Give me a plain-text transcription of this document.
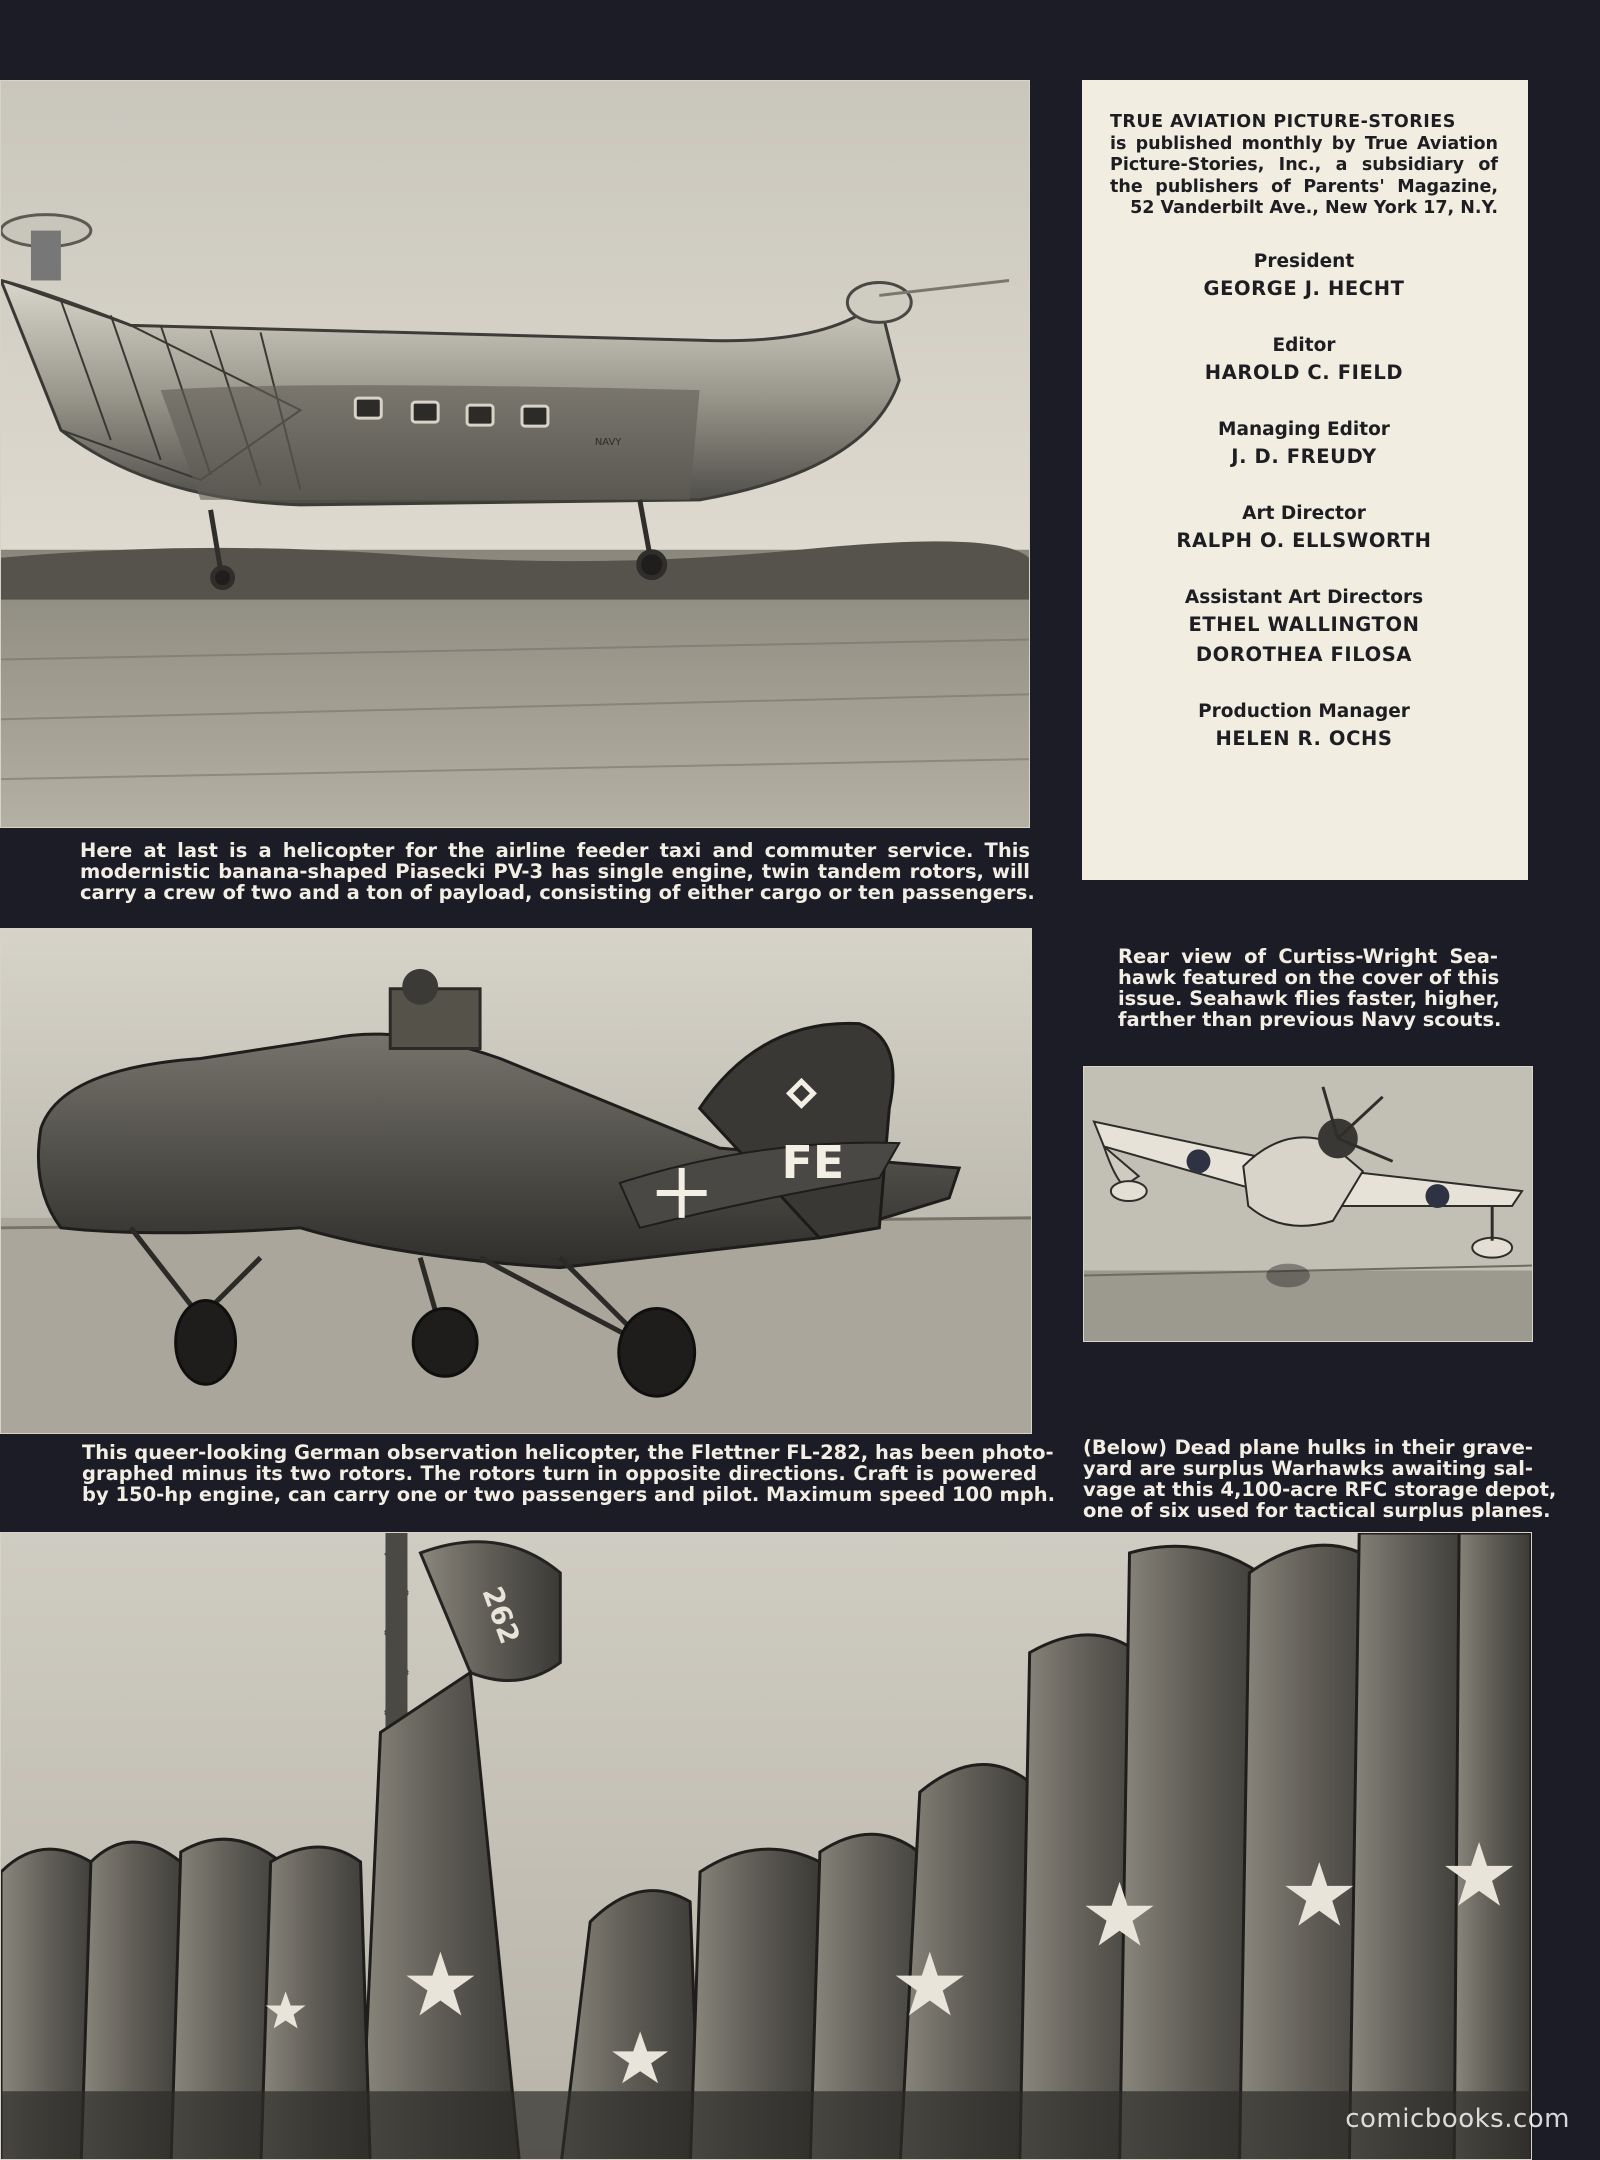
NAVY
Here at last is a helicopter for the airline feeder taxi and commuter service. This
modernistic banana-shaped Piasecki PV-3 has single engine, twin tandem rotors, will
carry a crew of two and a ton of payload, consisting of either cargo or ten passengers.
TRUE AVIATION PICTURE-STORIES
is published monthly by True Aviation
Picture-Stories, Inc., a subsidiary of
the publishers of Parents' Magazine,
52 Vanderbilt Ave., New York 17, N.Y.
President
GEORGE J. HECHT
Editor
HAROLD C. FIELD
Managing Editor
J. D. FREUDY
Art Director
RALPH O. ELLSWORTH
Assistant Art Directors
ETHEL WALLINGTON
DOROTHEA FILOSA
Production Manager
HELEN R. OCHS
FE
This queer-looking German observation helicopter, the Flettner FL-282, has been photo-
graphed minus its two rotors. The rotors turn in opposite directions. Craft is powered
by 150-hp engine, can carry one or two passengers and pilot. Maximum speed 100 mph.
Rear view of Curtiss-Wright Sea-
hawk featured on the cover of this
issue. Seahawk flies faster, higher,
farther than previous Navy scouts.
(Below) Dead plane hulks in their grave-
yard are surplus Warhawks awaiting sal-
vage at this 4,100-acre RFC storage depot,
one of six used for tactical surplus planes.
262
comicbooks.com
